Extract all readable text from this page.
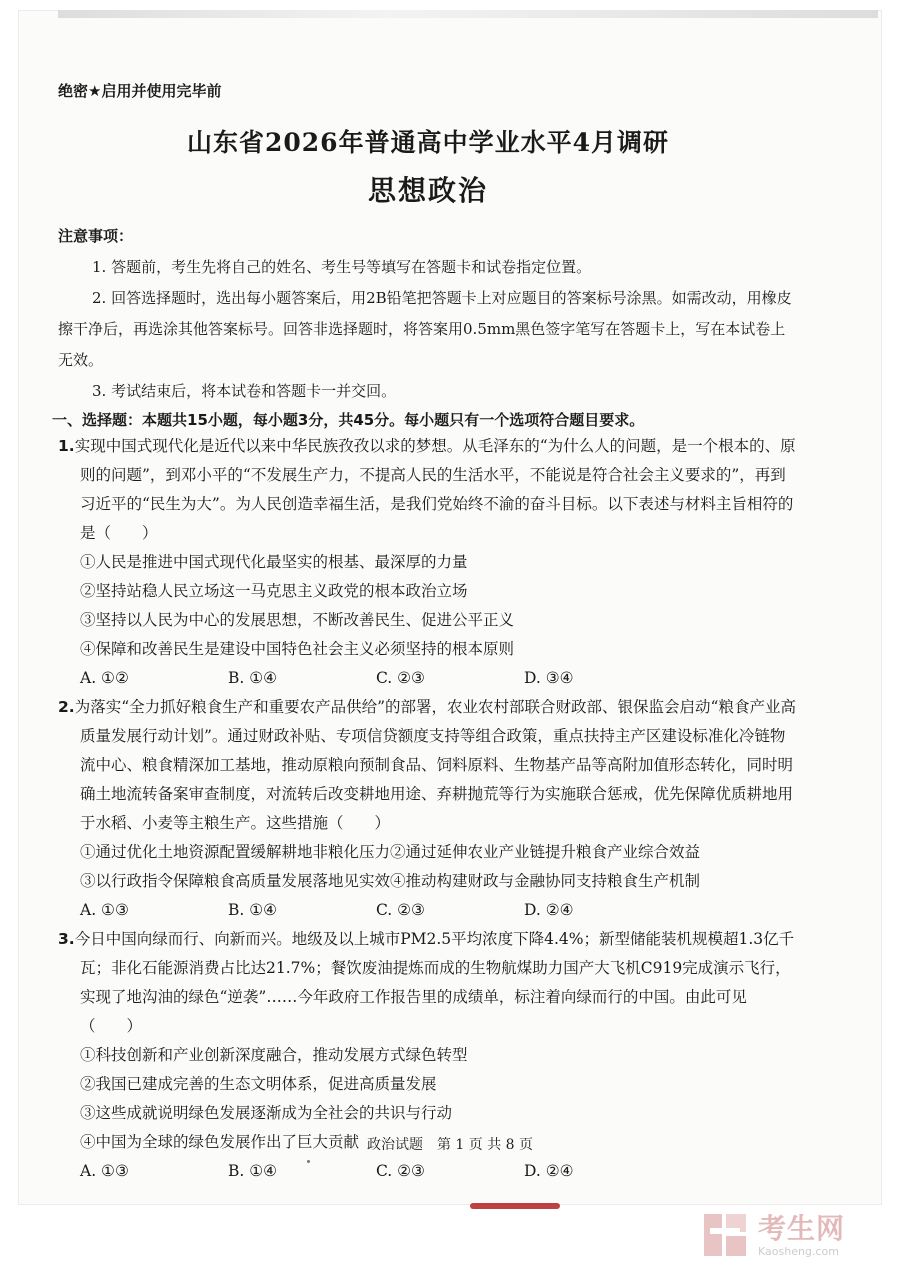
绝密★启用并使用完毕前
山东省2026年普通高中学业水平4月调研
思想政治
注意事项：
1. 答题前，考生先将自己的姓名、考生号等填写在答题卡和试卷指定位置。
2. 回答选择题时，选出每小题答案后，用2B铅笔把答题卡上对应题目的答案标号涂黑。如需改动，用橡皮擦干净后，再选涂其他答案标号。回答非选择题时，将答案用0.5mm黑色签字笔写在答题卡上，写在本试卷上无效。
3. 考试结束后，将本试卷和答题卡一并交回。
一、选择题：本题共15小题，每小题3分，共45分。每小题只有一个选项符合题目要求。
1.实现中国式现代化是近代以来中华民族孜孜以求的梦想。从毛泽东的“为什么人的问题，是一个根本的、原则的问题”，到邓小平的“不发展生产力，不提高人民的生活水平，不能说是符合社会主义要求的”，再到习近平的“民生为大”。为人民创造幸福生活，是我们党始终不渝的奋斗目标。以下表述与材料主旨相符的是（　　）
①人民是推进中国式现代化最坚实的根基、最深厚的力量
②坚持站稳人民立场这一马克思主义政党的根本政治立场
③坚持以人民为中心的发展思想，不断改善民生、促进公平正义
④保障和改善民生是建设中国特色社会主义必须坚持的根本原则
A. ①②	B. ①④	C. ②③	D. ③④
2.为落实“全力抓好粮食生产和重要农产品供给”的部署，农业农村部联合财政部、银保监会启动“粮食产业高质量发展行动计划”。通过财政补贴、专项信贷额度支持等组合政策，重点扶持主产区建设标准化冷链物流中心、粮食精深加工基地，推动原粮向预制食品、饲料原料、生物基产品等高附加值形态转化，同时明确土地流转备案审查制度，对流转后改变耕地用途、弃耕抛荒等行为实施联合惩戒，优先保障优质耕地用于水稻、小麦等主粮生产。这些措施（　　）
①通过优化土地资源配置缓解耕地非粮化压力②通过延伸农业产业链提升粮食产业综合效益
③以行政指令保障粮食高质量发展落地见实效④推动构建财政与金融协同支持粮食生产机制
A. ①③	B. ①④	C. ②③	D. ②④
3.今日中国向绿而行、向新而兴。地级及以上城市PM2.5平均浓度下降4.4%；新型储能装机规模超1.3亿千瓦；非化石能源消费占比达21.7%；餐饮废油提炼而成的生物航煤助力国产大飞机C919完成演示飞行，实现了地沟油的绿色“逆袭”……今年政府工作报告里的成绩单，标注着向绿而行的中国。由此可见（　　）
①科技创新和产业创新深度融合，推动发展方式绿色转型
②我国已建成完善的生态文明体系，促进高质量发展
③这些成就说明绿色发展逐渐成为全社会的共识与行动
④中国为全球的绿色发展作出了巨大贡献
A. ①③	B. ①④	C. ②③	D. ②④
政治试题　第 1 页 共 8 页
考生网
Kaosheng.com
